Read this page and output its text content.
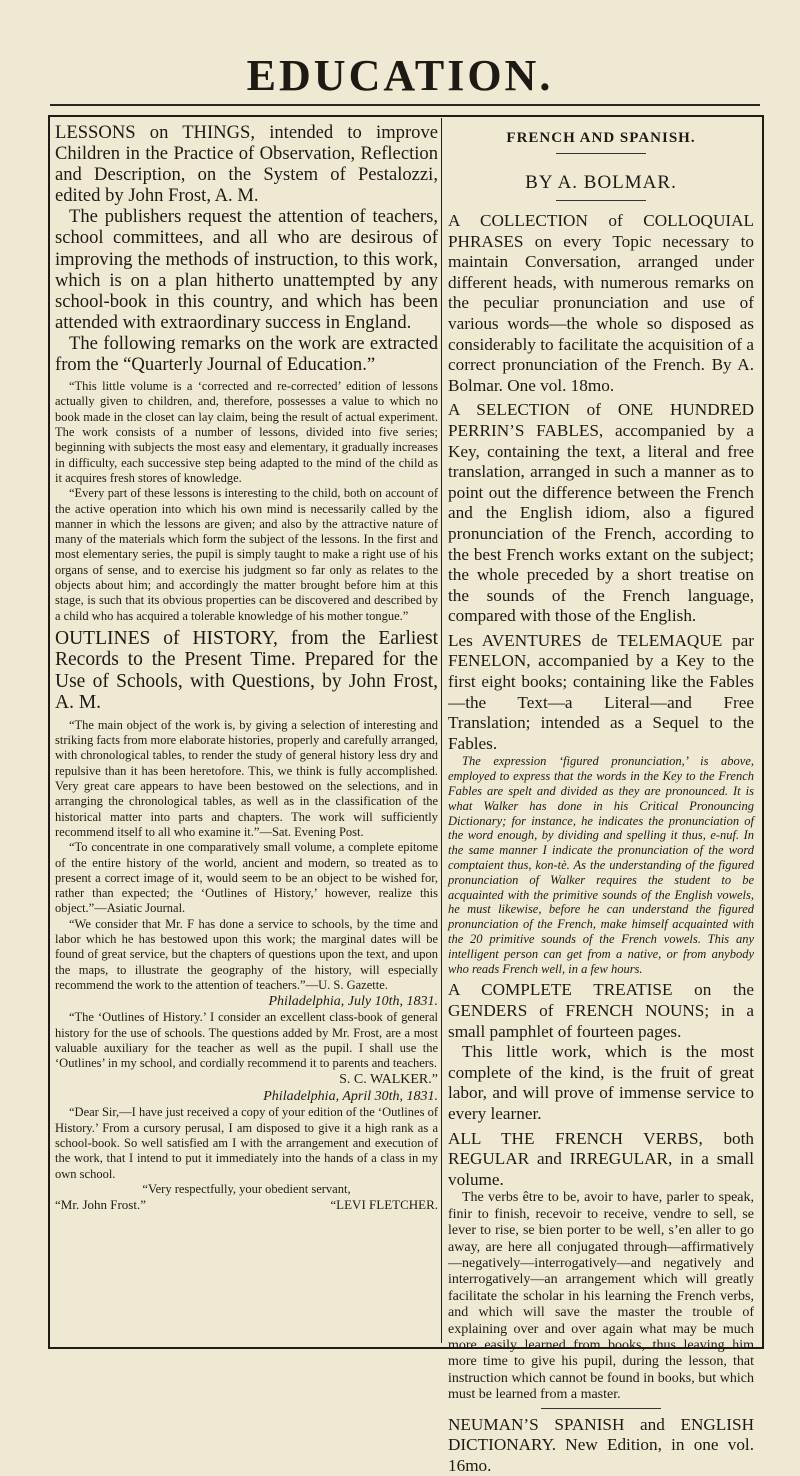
EDUCATION.

LESSONS on THINGS, intended to improve Children in the Practice of Observation, Reflection and Description, on the System of Pestalozzi, edited by John Frost, A. M.

The publishers request the attention of teachers, school committees, and all who are desirous of improving the methods of instruction, to this work, which is on a plan hitherto unattempted by any school-book in this country, and which has been attended with extraordinary success in England.

The following remarks on the work are extracted from the “Quarterly Journal of Education.”

“This little volume is a ‘corrected and re-corrected’ edition of lessons actually given to children, and, therefore, possesses a value to which no book made in the closet can lay claim, being the result of actual experiment. The work consists of a number of lessons, divided into five series; beginning with subjects the most easy and elementary, it gradually increases in difficulty, each successive step being adapted to the mind of the child as it acquires fresh stores of knowledge.

“Every part of these lessons is interesting to the child, both on account of the active operation into which his own mind is necessarily called by the manner in which the lessons are given; and also by the attractive nature of many of the materials which form the subject of the lessons. In the first and most elementary series, the pupil is simply taught to make a right use of his organs of sense, and to exercise his judgment so far only as relates to the objects about him; and accordingly the matter brought before him at this stage, is such that its obvious properties can be discovered and described by a child who has acquired a tolerable knowledge of his mother tongue.”

OUTLINES of HISTORY, from the Earliest Records to the Present Time. Prepared for the Use of Schools, with Questions, by John Frost, A. M.

“The main object of the work is, by giving a selection of interesting and striking facts from more elaborate histories, properly and carefully arranged, with chronological tables, to render the study of general history less dry and repulsive than it has been heretofore. This, we think is fully accomplished. Very great care appears to have been bestowed on the selections, and in arranging the chronological tables, as well as in the classification of the historical matter into parts and chapters. The work will sufficiently recommend itself to all who examine it.”—Sat. Evening Post.

“To concentrate in one comparatively small volume, a complete epitome of the entire history of the world, ancient and modern, so treated as to present a correct image of it, would seem to be an object to be wished for, rather than expected; the ‘Outlines of History,’ however, realize this object.”—Asiatic Journal.

“We consider that Mr. F has done a service to schools, by the time and labor which he has bestowed upon this work; the marginal dates will be found of great service, but the chapters of questions upon the text, and upon the maps, to illustrate the geography of the history, will especially recommend the work to the attention of teachers.”—U. S. Gazette.

Philadelphia, July 10th, 1831.

“The ‘Outlines of History.’ I consider an excellent class-book of general history for the use of schools. The questions added by Mr. Frost, are a most valuable auxiliary for the teacher as well as the pupil. I shall use the ‘Outlines’ in my school, and cordially recommend it to parents and teachers.

S. C. WALKER.”

Philadelphia, April 30th, 1831.

“Dear Sir,—I have just received a copy of your edition of the ‘Outlines of History.’ From a cursory perusal, I am disposed to give it a high rank as a school-book. So well satisfied am I with the arrangement and execution of the work, that I intend to put it immediately into the hands of a class in my own school.

“Very respectfully, your obedient servant,

“Mr. John Frost.”	“LEVI FLETCHER.
FRENCH AND SPANISH.
BY A. BOLMAR.

A COLLECTION of COLLOQUIAL PHRASES on every Topic necessary to maintain Conversation, arranged under different heads, with numerous remarks on the peculiar pronunciation and use of various words—the whole so disposed as considerably to facilitate the acquisition of a correct pronunciation of the French. By A. Bolmar. One vol. 18mo.

A SELECTION of ONE HUNDRED PERRIN’S FABLES, accompanied by a Key, containing the text, a literal and free translation, arranged in such a manner as to point out the difference between the French and the English idiom, also a figured pronunciation of the French, according to the best French works extant on the subject; the whole preceded by a short treatise on the sounds of the French language, compared with those of the English.

Les AVENTURES de TELEMAQUE par FENELON, accompanied by a Key to the first eight books; containing like the Fables—the Text—a Literal—and Free Translation; intended as a Sequel to the Fables.

The expression ‘figured pronunciation,’ is above, employed to express that the words in the Key to the French Fables are spelt and divided as they are pronounced. It is what Walker has done in his Critical Pronouncing Dictionary; for instance, he indicates the pronunciation of the word enough, by dividing and spelling it thus, e-nuf. In the same manner I indicate the pronunciation of the word comptaient thus, kon-tè. As the understanding of the figured pronunciation of Walker requires the student to be acquainted with the primitive sounds of the English vowels, he must likewise, before he can understand the figured pronunciation of the French, make himself acquainted with the 20 primitive sounds of the French vowels. This any intelligent person can get from a native, or from anybody who reads French well, in a few hours.

A COMPLETE TREATISE on the GENDERS of FRENCH NOUNS; in a small pamphlet of fourteen pages.

This little work, which is the most complete of the kind, is the fruit of great labor, and will prove of immense service to every learner.

ALL THE FRENCH VERBS, both REGULAR and IRREGULAR, in a small volume.

The verbs être to be, avoir to have, parler to speak, finir to finish, recevoir to receive, vendre to sell, se lever to rise, se bien porter to be well, s’en aller to go away, are here all conjugated through—affirmatively—negatively—interrogatively—and negatively and interrogatively—an arrangement which will greatly facilitate the scholar in his learning the French verbs, and which will save the master the trouble of explaining over and over again what may be much more easily learned from books, thus leaving him more time to give his pupil, during the lesson, that instruction which cannot be found in books, but which must be learned from a master.

NEUMAN’S SPANISH and ENGLISH DICTIONARY. New Edition, in one vol. 16mo.
